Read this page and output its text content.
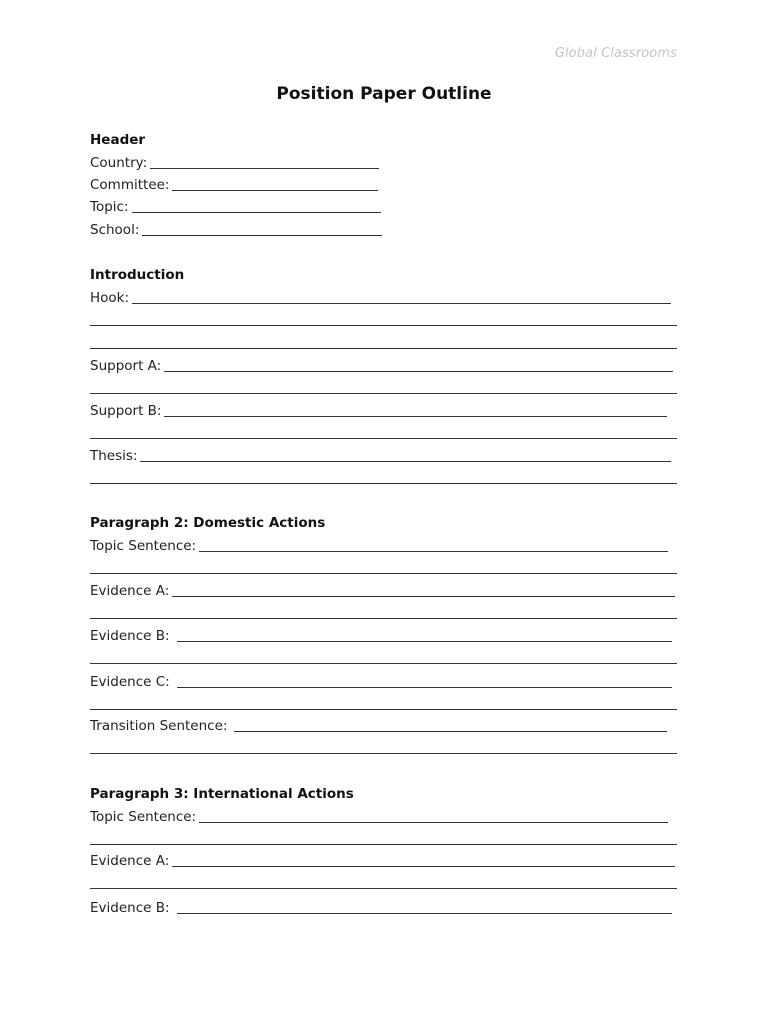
Global Classrooms
Position Paper Outline
Header
Country:
Committee:
Topic:
School:
Introduction
Hook:
Support A:
Support B:
Thesis:
Paragraph 2: Domestic Actions
Topic Sentence:
Evidence A:
Evidence B:
Evidence C:
Transition Sentence:
Paragraph 3: International Actions
Topic Sentence:
Evidence A:
Evidence B:
